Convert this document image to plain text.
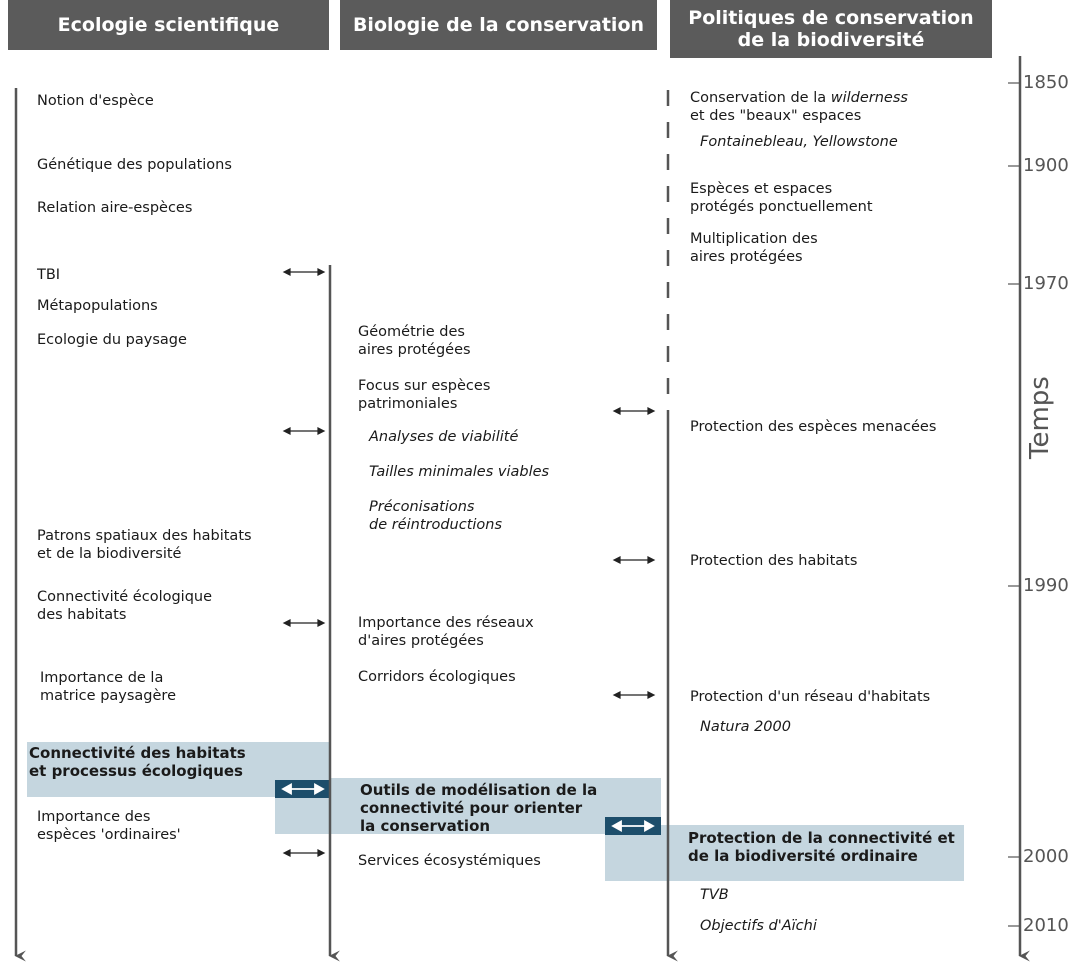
Ecologie scientifique	Biologie de la conservation	Politiques de conservation
de la biodiversité
1850
1900
1970
1990
2000
2010
Temps
Notion d'espèce
Génétique des populations
Relation aire-espèces
TBI
Métapopulations
Ecologie du paysage
Patrons spatiaux des habitats
et de la biodiversité
Connectivité écologique
des habitats
Importance de la
matrice paysagère
Connectivité des habitats
et processus écologiques
Importance des
espèces 'ordinaires'
Géométrie des
aires protégées
Focus sur espèces
patrimoniales
Analyses de viabilité
Tailles minimales viables
Préconisations
de réintroductions
Importance des réseaux
d'aires protégées
Corridors écologiques
Outils de modélisation de la
connectivité pour orienter
la conservation
Services écosystémiques
Conservation de la wilderness
et des "beaux" espaces
Fontainebleau, Yellowstone
Espèces et espaces
protégés ponctuellement
Multiplication des
aires protégées
Protection des espèces menacées
Protection des habitats
Protection d'un réseau d'habitats
Natura 2000
Protection de la connectivité et
de la biodiversité ordinaire
TVB
Objectifs d'Aïchi
